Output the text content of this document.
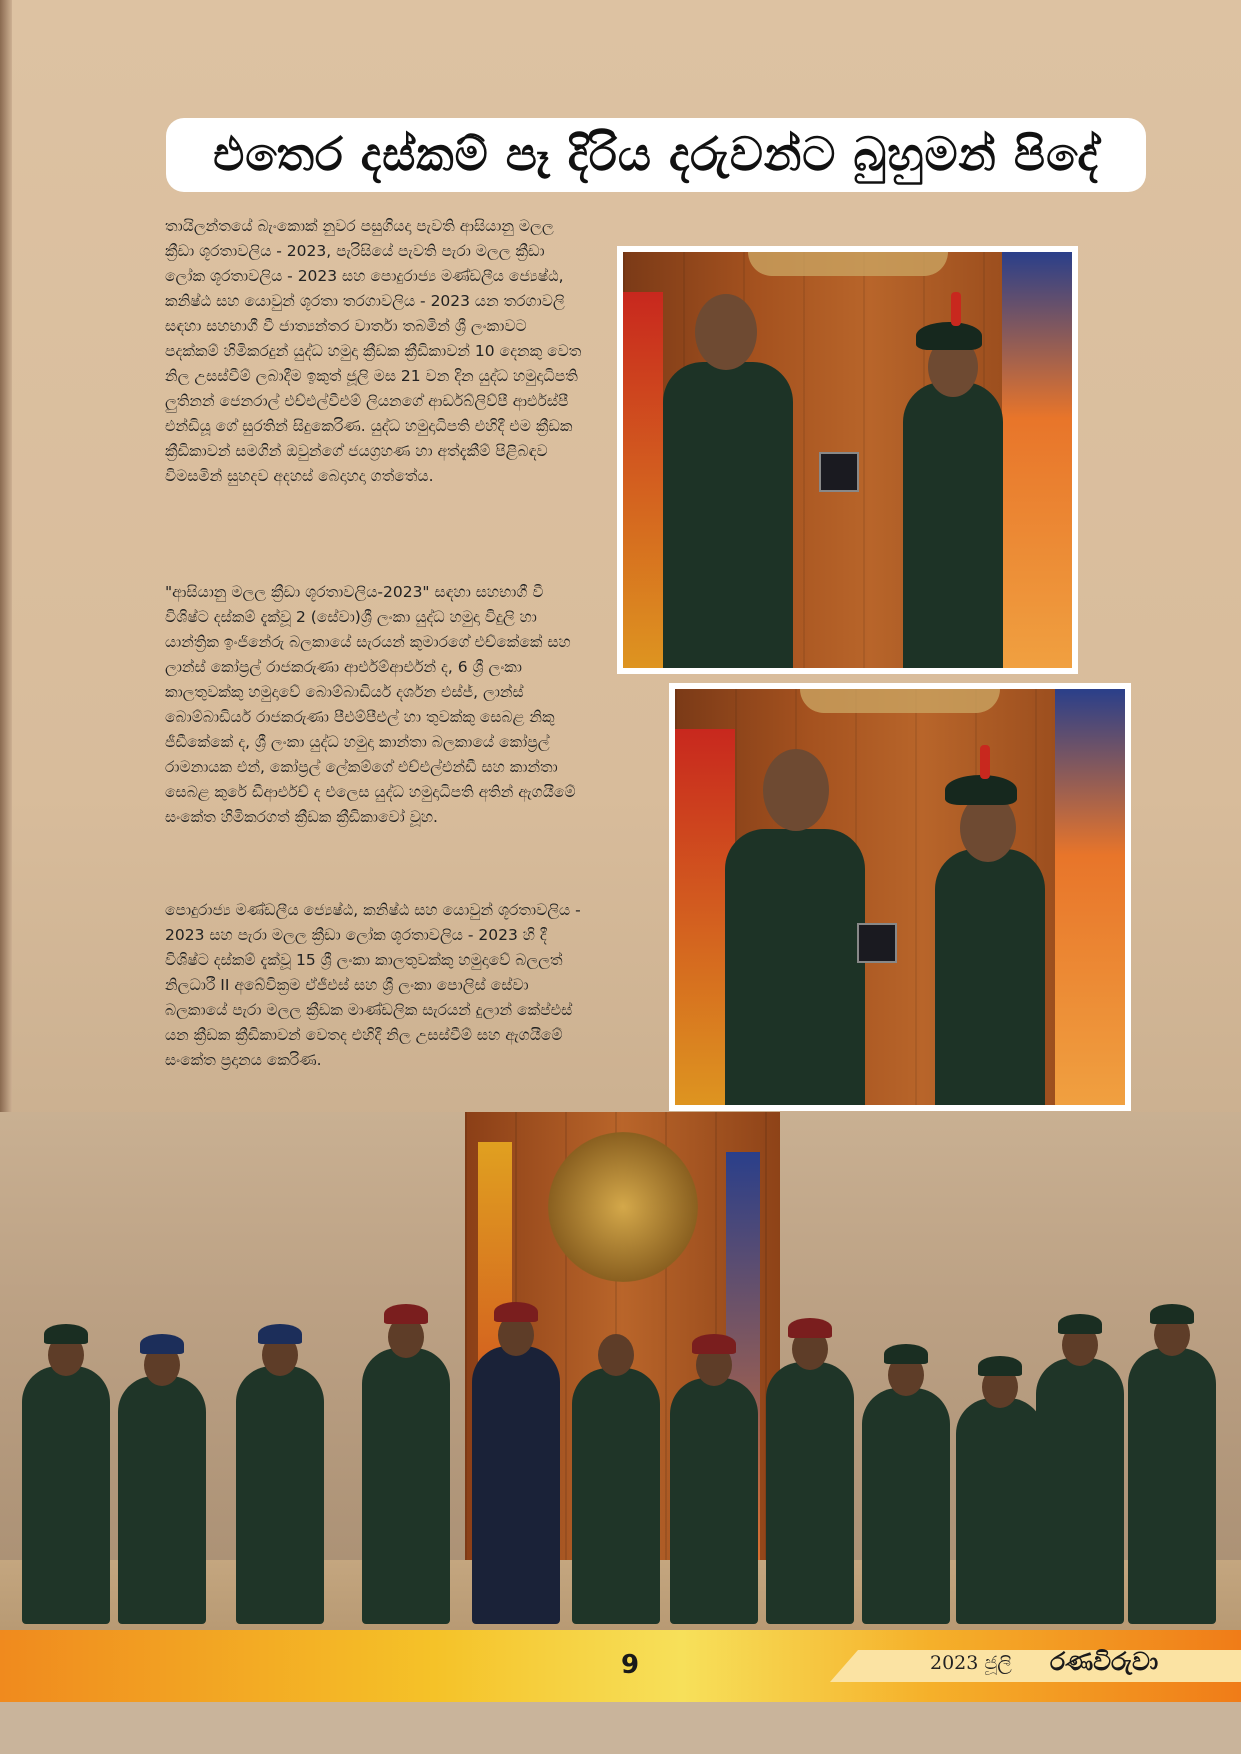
එතෙර දස්කම් පෑ දිරිය දරුවන්ට බුහුමන් පිදේ
තායිලන්තයේ බැංකොක් නුවර පසුගියදා පැවති ආසියානු මලල ක්‍රීඩා ශූරතාවලිය - 2023, පැරිසියේ පැවති පැරා මලල ක්‍රීඩා ලෝක ශූරතාවලිය - 2023 සහ පොදුරාජ්‍ය මණ්ඩලීය ජ්‍යෙෂ්ඨ, කනිෂ්ඨ සහ යොවුන් ශූරතා තරගාවලිය - 2023 යන තරගාවලි සඳහා සහභාගී වී ජාත්‍යන්තර වාර්තා තබමින් ශ්‍රී ලංකාවට පදක්කම් හිමිකරදුන් යුද්ධ හමුදා ක්‍රීඩක ක්‍රීඩිකාවන් 10 දෙනකු වෙත නිල උසස්වීම් ලබාදීම ඉකුත් ජූලි මස 21 වන දින යුද්ධ හමුදාධිපති ලුතිනන් ජෙනරාල් එච්එල්වීඑම් ලියනගේ ආර්ඩබ්ලිව්පී ආර්එස්පී එන්ඩියූ ගේ සුරතින් සිදුකෙරිණ. යුද්ධ හමුදාධිපති එහිදී එම ක්‍රීඩක ක්‍රීඩිකාවන් සමගින් ඔවුන්ගේ ජයග්‍රහණ හා අත්දැකීම් පිළිබඳව විමසමින් සුහදව අදහස් බෙදාහදා ගත්තේය.
"ආසියානු මලල ක්‍රීඩා ශූරතාවලිය-2023" සඳහා සහභාගී වී විශිෂ්ට දස්කම් දැක්වූ 2 (සේවා)ශ්‍රී ලංකා යුද්ධ හමුදා විදුලි හා යාන්ත්‍රික ඉංජිනේරු බලකායේ සැරයන් කුමාරගේ එච්කේකේ සහ ලාන්ස් කෝප්‍රල් රාජකරුණා ආර්එම්ආර්එන් ද, 6 ශ්‍රී ලංකා කාලතුවක්කු හමුදාවේ බොම්බාඩියර් දර්ශන එස්ජ්, ලාන්ස් බොම්බාඩියර් රාජකරුණා පීඑම්පීඑල් හා තුවක්කු සෙබළ නිකු ජීඩීකේකේ ද, ශ්‍රී ලංකා යුද්ධ හමුදා කාන්තා බලකායේ කෝප්‍රල් රාමනායක එන්, කෝප්‍රල් ලේකම්ගේ එච්එල්එන්ඩී සහ කාන්තා සෙබළ කුරේ ඩීආර්එච් ද එලෙස යුද්ධ හමුදාධිපති අතින් ඇගයීමේ සංකේත හිමිකරගත් ක්‍රීඩක ක්‍රීඩිකාවෝ වූහ.
පොදුරාජ්‍ය මණ්ඩලීය ජ්‍යෙෂ්ඨ, කනිෂ්ඨ සහ යොවුන් ශූරතාවලිය - 2023 සහ පැරා මලල ක්‍රීඩා ලෝක ශූරතාවලිය - 2023 හි දී විශිෂ්ට දස්කම් දැක්වූ 15 ශ්‍රී ලංකා කාලතුවක්කු හමුදාවේ බලලත් නිලධාරී II අබේවික්‍රම ඒජීඑස් සහ ශ්‍රී ලංකා පොලිස් සේවා බලකායේ පැරා මලල ක්‍රීඩක මාණ්ඩලික සැරයන් දුලාන් කේප්එස් යන ක්‍රීඩක ක්‍රීඩිකාවන් වෙතද එහිදී නිල උසස්වීම් සහ ඇගයීමේ සංකේත ප්‍රදානය කෙරිණ.
9	2023 ජූලි රණවිරුවා
